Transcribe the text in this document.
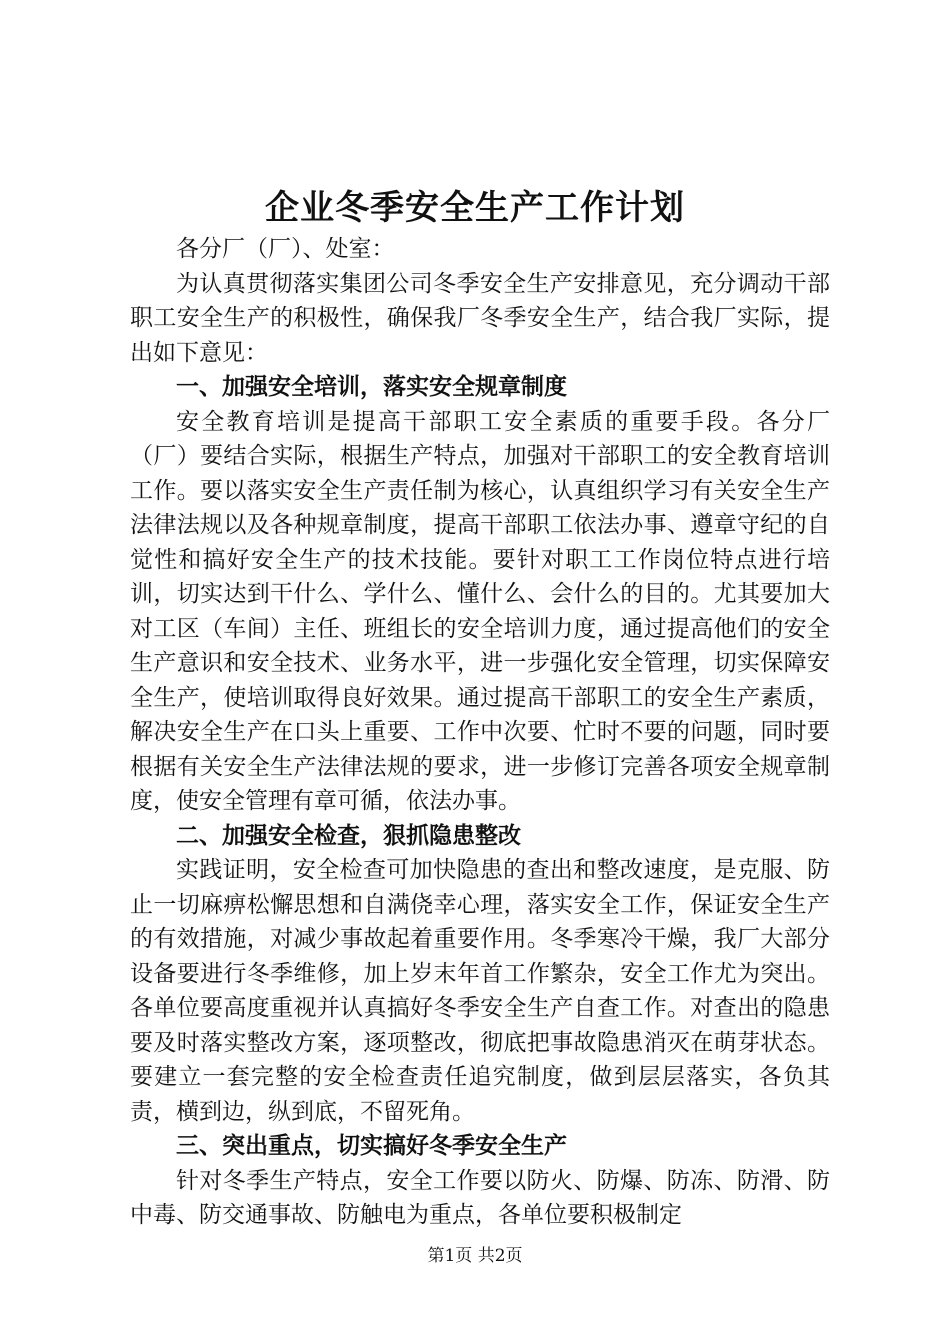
企业冬季安全生产工作计划

各分厂（厂）、处室：

为认真贯彻落实集团公司冬季安全生产安排意见，充分调动干部职工安全生产的积极性，确保我厂冬季安全生产，结合我厂实际，提出如下意见：

一、加强安全培训，落实安全规章制度

安全教育培训是提高干部职工安全素质的重要手段。各分厂（厂）要结合实际，根据生产特点，加强对干部职工的安全教育培训工作。要以落实安全生产责任制为核心，认真组织学习有关安全生产法律法规以及各种规章制度，提高干部职工依法办事、遵章守纪的自觉性和搞好安全生产的技术技能。要针对职工工作岗位特点进行培训，切实达到干什么、学什么、懂什么、会什么的目的。尤其要加大对工区（车间）主任、班组长的安全培训力度，通过提高他们的安全生产意识和安全技术、业务水平，进一步强化安全管理，切实保障安全生产，使培训取得良好效果。通过提高干部职工的安全生产素质，解决安全生产在口头上重要、工作中次要、忙时不要的问题，同时要根据有关安全生产法律法规的要求，进一步修订完善各项安全规章制度，使安全管理有章可循，依法办事。

二、加强安全检查，狠抓隐患整改

实践证明，安全检查可加快隐患的查出和整改速度，是克服、防止一切麻痹松懈思想和自满侥幸心理，落实安全工作，保证安全生产的有效措施，对减少事故起着重要作用。冬季寒冷干燥，我厂大部分设备要进行冬季维修，加上岁末年首工作繁杂，安全工作尤为突出。各单位要高度重视并认真搞好冬季安全生产自查工作。对查出的隐患要及时落实整改方案，逐项整改，彻底把事故隐患消灭在萌芽状态。要建立一套完整的安全检查责任追究制度，做到层层落实，各负其责，横到边，纵到底，不留死角。

三、突出重点，切实搞好冬季安全生产

针对冬季生产特点，安全工作要以防火、防爆、防冻、防滑、防中毒、防交通事故、防触电为重点，各单位要积极制定

第1页 共2页
